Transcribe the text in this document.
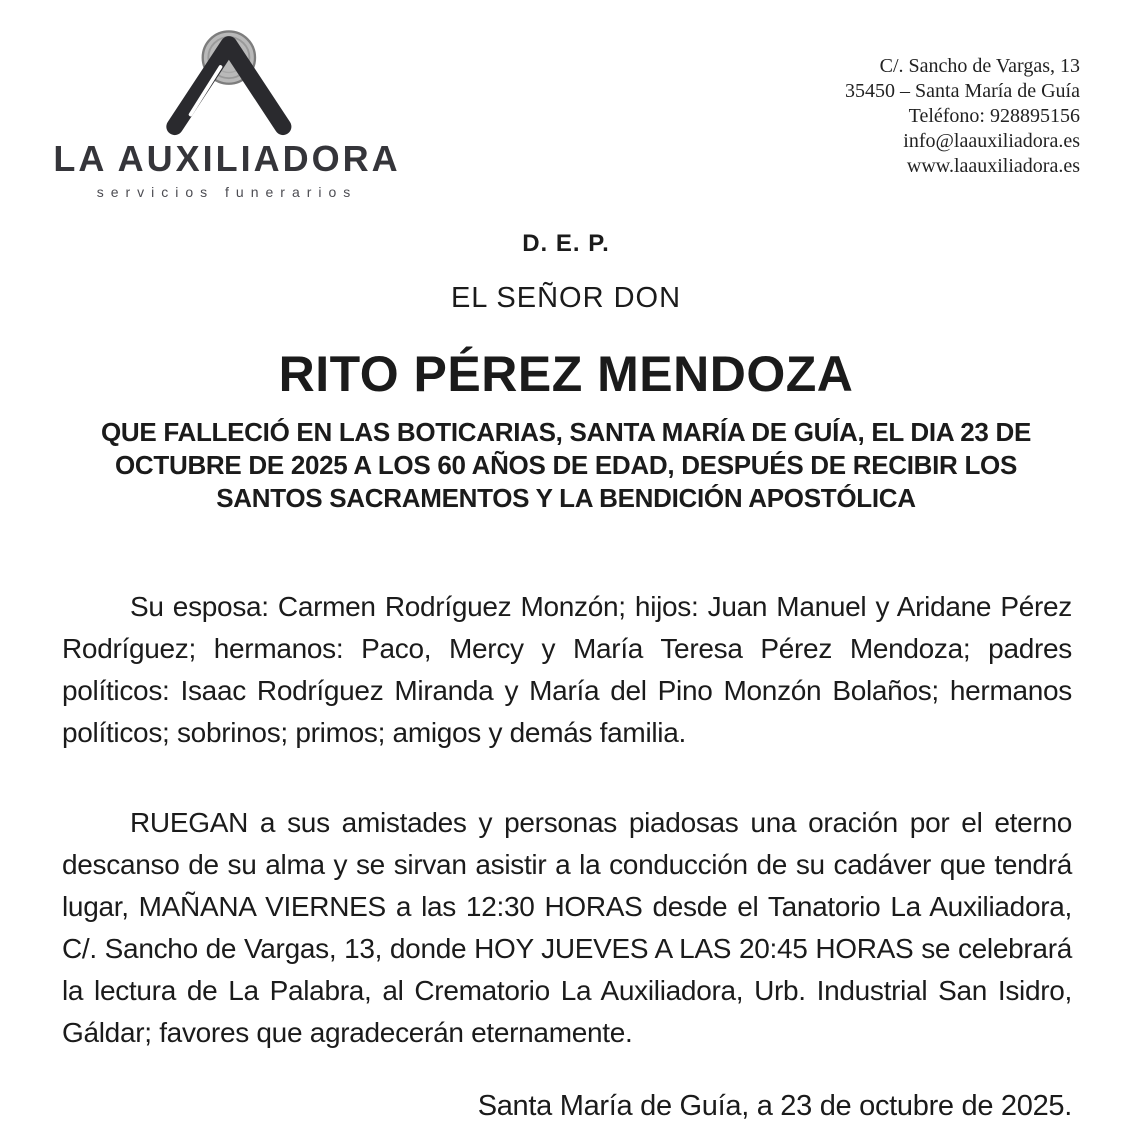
LA AUXILIADORA
servicios funerarios
C/. Sancho de Vargas, 13
35450 – Santa María de Guía
Teléfono: 928895156
info@laauxiliadora.es
www.laauxiliadora.es
D. E. P.
EL SEÑOR DON
RITO PÉREZ MENDOZA
QUE FALLECIÓ EN LAS BOTICARIAS, SANTA MARÍA DE GUÍA, EL DIA 23 DE
OCTUBRE DE 2025 A LOS 60 AÑOS DE EDAD, DESPUÉS DE RECIBIR LOS
SANTOS SACRAMENTOS Y LA BENDICIÓN APOSTÓLICA
Su esposa: Carmen Rodríguez Monzón; hijos: Juan Manuel y Aridane Pérez Rodríguez; hermanos: Paco, Mercy y María Teresa Pérez Mendoza; padres políticos: Isaac Rodríguez Miranda y María del Pino Monzón Bolaños; hermanos políticos; sobrinos; primos; amigos y demás familia.
RUEGAN a sus amistades y personas piadosas una oración por el eterno descanso de su alma y se sirvan asistir a la conducción de su cadáver que tendrá lugar, MAÑANA VIERNES a las 12:30 HORAS desde el Tanatorio La Auxiliadora, C/. Sancho de Vargas, 13, donde HOY JUEVES A LAS 20:45 HORAS se celebrará la lectura de La Palabra, al Crematorio La Auxiliadora, Urb. Industrial San Isidro, Gáldar; favores que agradecerán eternamente.
Santa María de Guía, a 23 de octubre de 2025.
